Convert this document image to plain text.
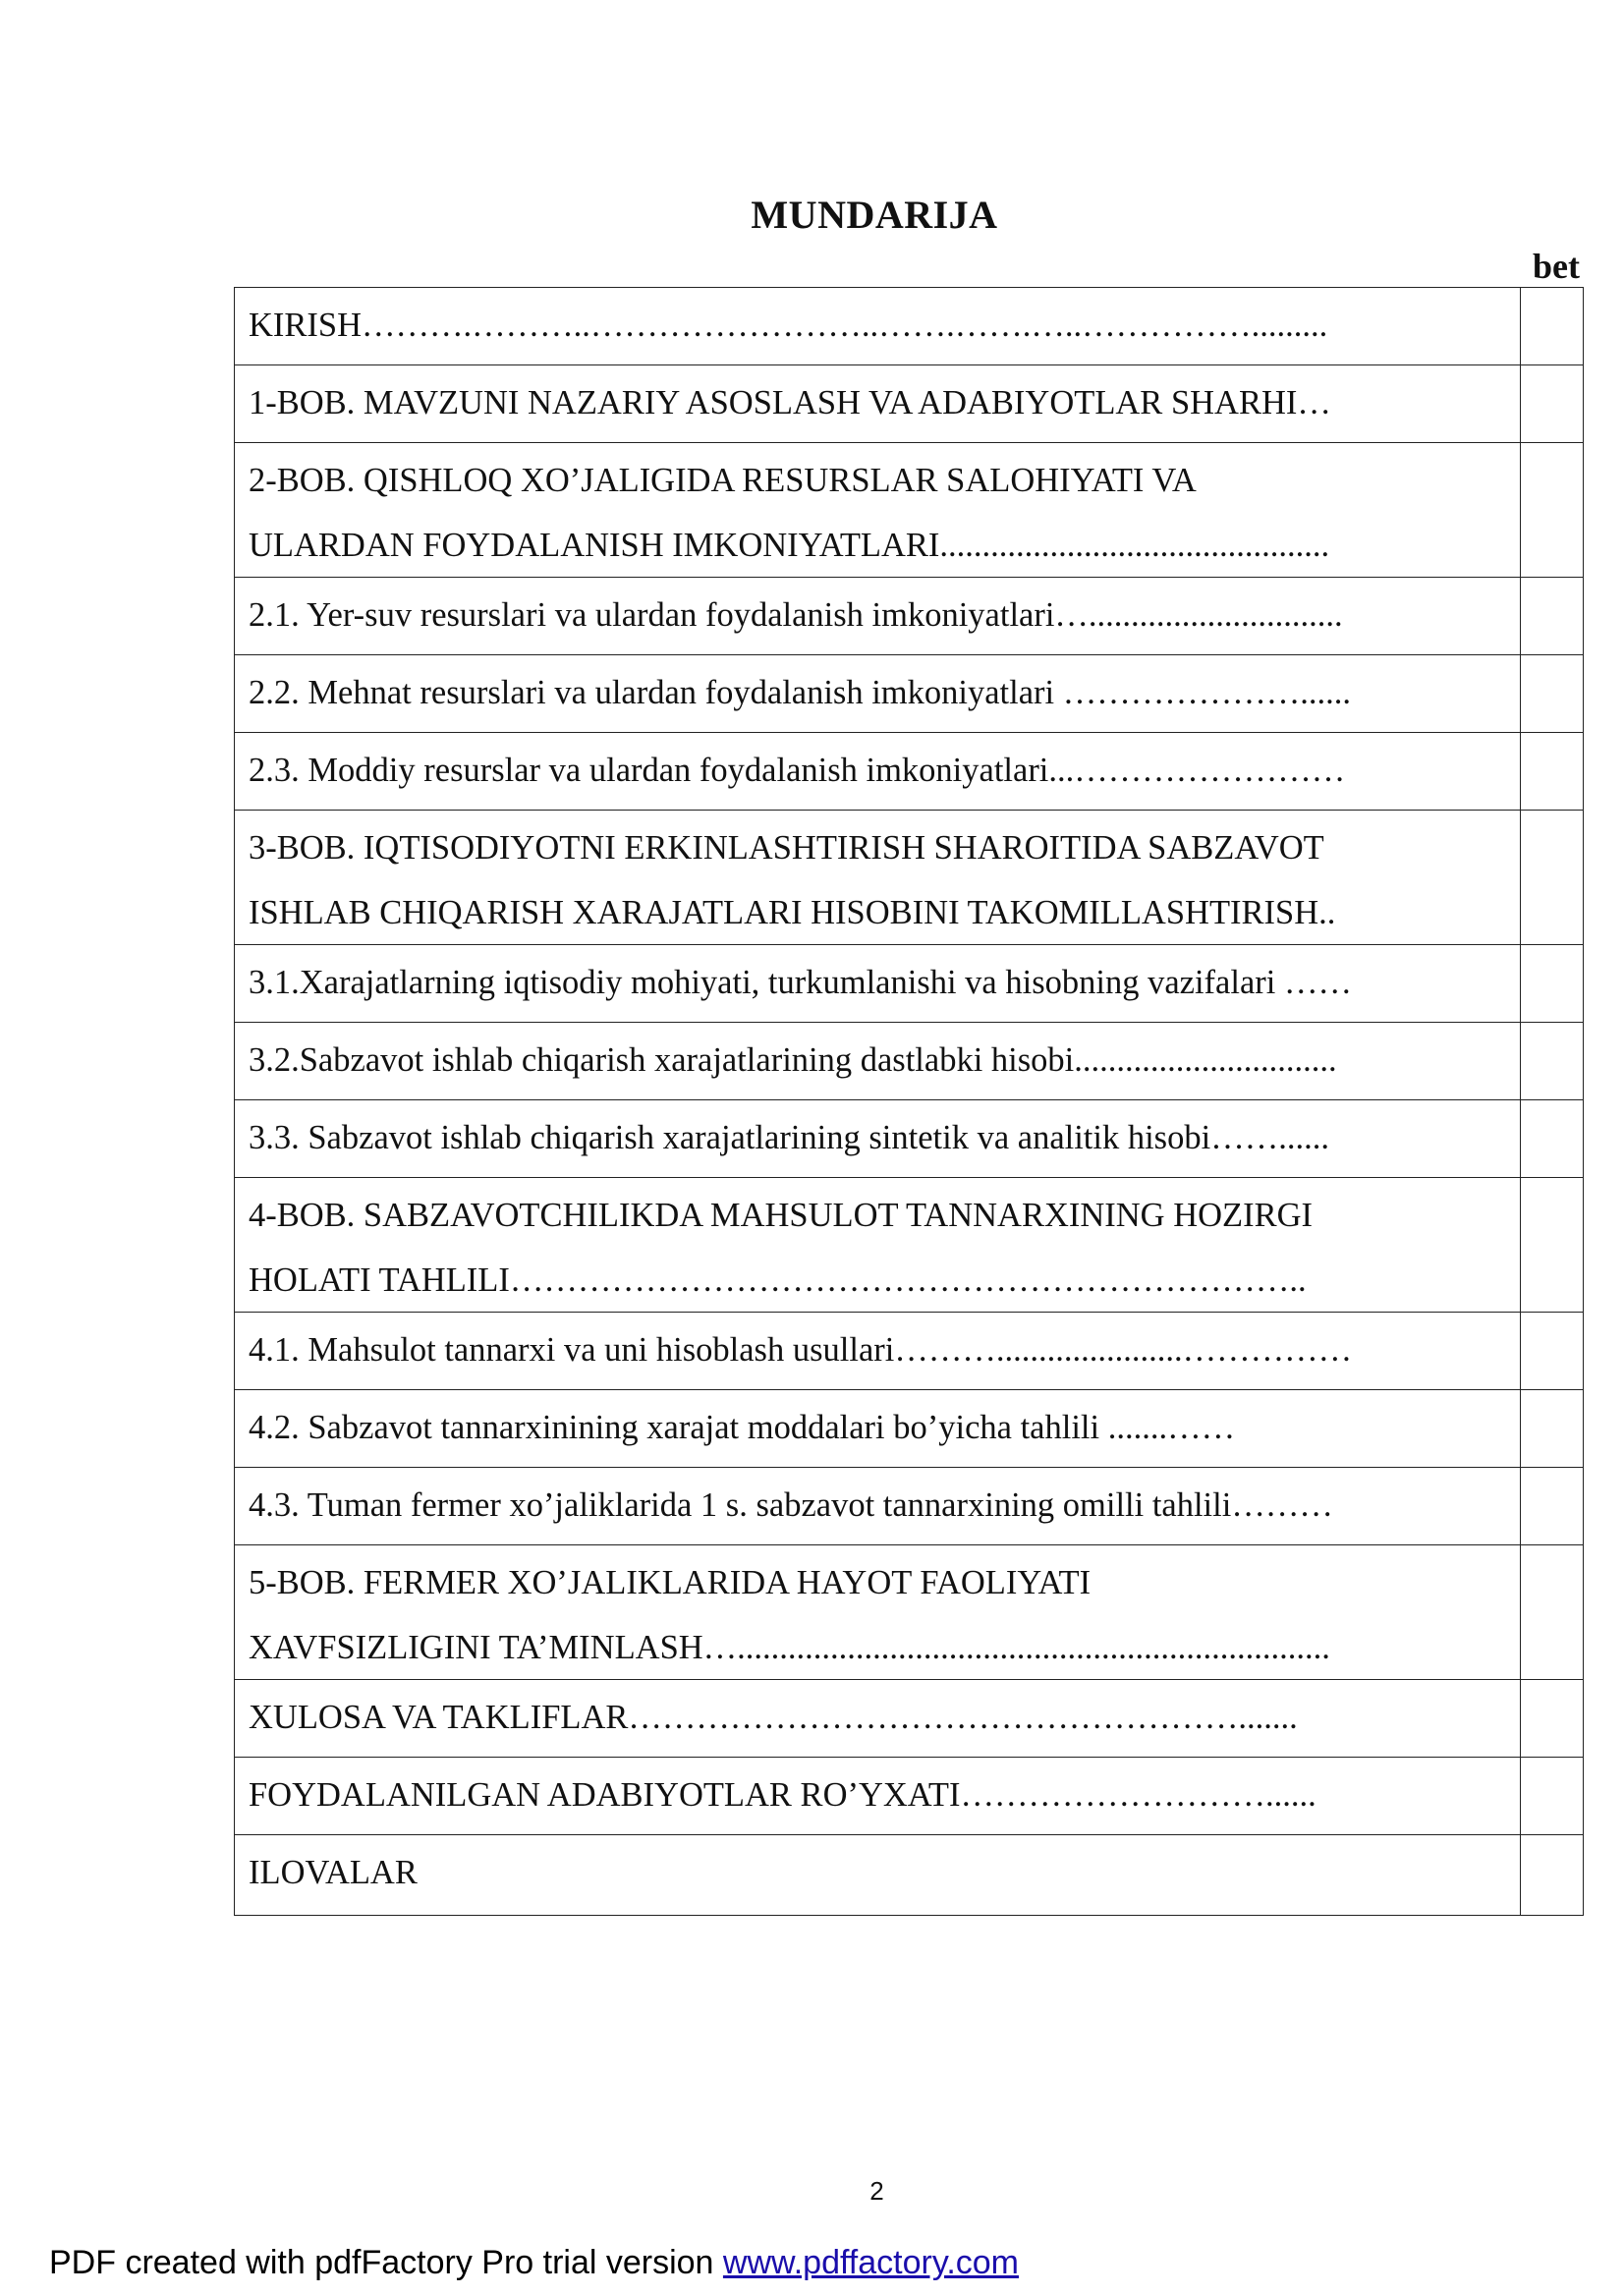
MUNDARIJA
bet
KIRISH……….………..……………………..…….…….…..…………….........	

1-BOB. MAVZUNI NAZARIY ASOSLASH VA ADABIYOTLAR SHARHI…	

2-BOB. QISHLOQ XO’JALIGIDA RESURSLAR SALOHIYATI VA
ULARDAN FOYDALANISH IMKONIYATLARI..............................................	

2.1. Yer-suv resurslari va ulardan foydalanish imkoniyatlari…..............................	

2.2. Mehnat resurslari va ulardan foydalanish imkoniyatlari …………………......	

2.3. Moddiy resurslar va ulardan foydalanish imkoniyatlari...……………………	

3-BOB. IQTISODIYOTNI ERKINLASHTIRISH SHAROITIDA SABZAVOT
ISHLAB CHIQARISH XARAJATLARI HISOBINI TAKOMILLASHTIRISH..	

3.1.Xarajatlarning iqtisodiy mohiyati, turkumlanishi va hisobning vazifalari ……	

3.2.Sabzavot ishlab chiqarish xarajatlarining dastlabki hisobi...............................	

3.3. Sabzavot ishlab chiqarish xarajatlarining sintetik va analitik hisobi……......	

4-BOB. SABZAVOTCHILIKDA MAHSULOT TANNARXINING HOZIRGI
HOLATI TAHLILI……………………………………………………………..	

4.1. Mahsulot tannarxi va uni hisoblash usullari………......................……………	

4.2. Sabzavot tannarxinining xarajat moddalari bo’yicha tahlili .......……	

4.3. Tuman fermer xo’jaliklarida 1 s. sabzavot tannarxining omilli tahlili………	

5-BOB. FERMER XO’JALIKLARIDA HAYOT FAOLIYATI
XAVFSIZLIGINI TA’MINLASH…......................................................................	

XULOSA VA TAKLIFLAR……………………………………………….......	

FOYDALANILGAN ADABIYOTLAR RO’YXATI………………………......	

ILOVALAR	

2
PDF created with pdfFactory Pro trial version www.pdffactory.com
